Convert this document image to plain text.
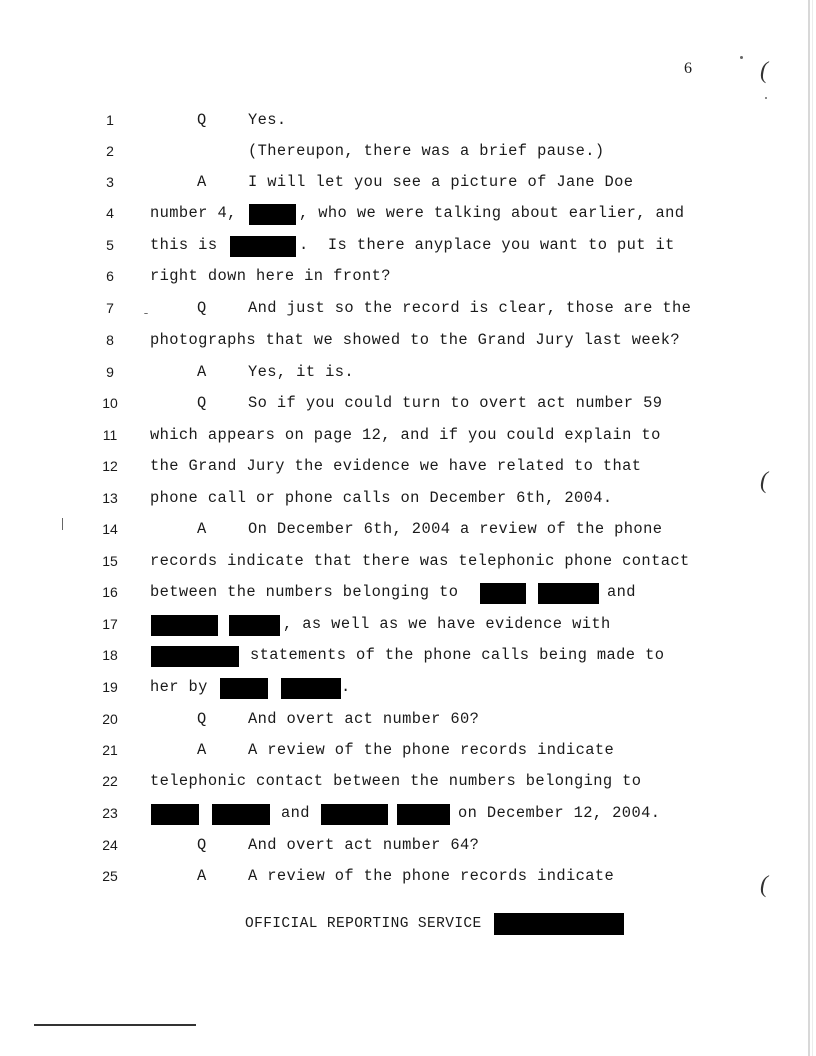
6
1	Q	Yes.
2	(Thereupon, there was a brief pause.)
3	A	I will let you see a picture of Jane Doe
4	number 4,	, who we were talking about earlier, and
5	this is	.  Is there anyplace you want to put it
6	right down here in front?
7	Q	And just so the record is clear, those are the
8	photographs that we showed to the Grand Jury last week?
9	A	Yes, it is.
10	Q	So if you could turn to overt act number 59
11	which appears on page 12, and if you could explain to
12	the Grand Jury the evidence we have related to that
13	phone call or phone calls on December 6th, 2004.
14	A	On December 6th, 2004 a review of the phone
15	records indicate that there was telephonic phone contact
16	between the numbers belonging to	and
17	, as well as we have evidence with
18	statements of the phone calls being made to
19	her by	.
20	Q	And overt act number 60?
21	A	A review of the phone records indicate
22	telephonic contact between the numbers belonging to
23	and	on December 12, 2004.
24	Q	And overt act number 64?
25	A	A review of the phone records indicate
OFFICIAL REPORTING SERVICE
(
(
(
